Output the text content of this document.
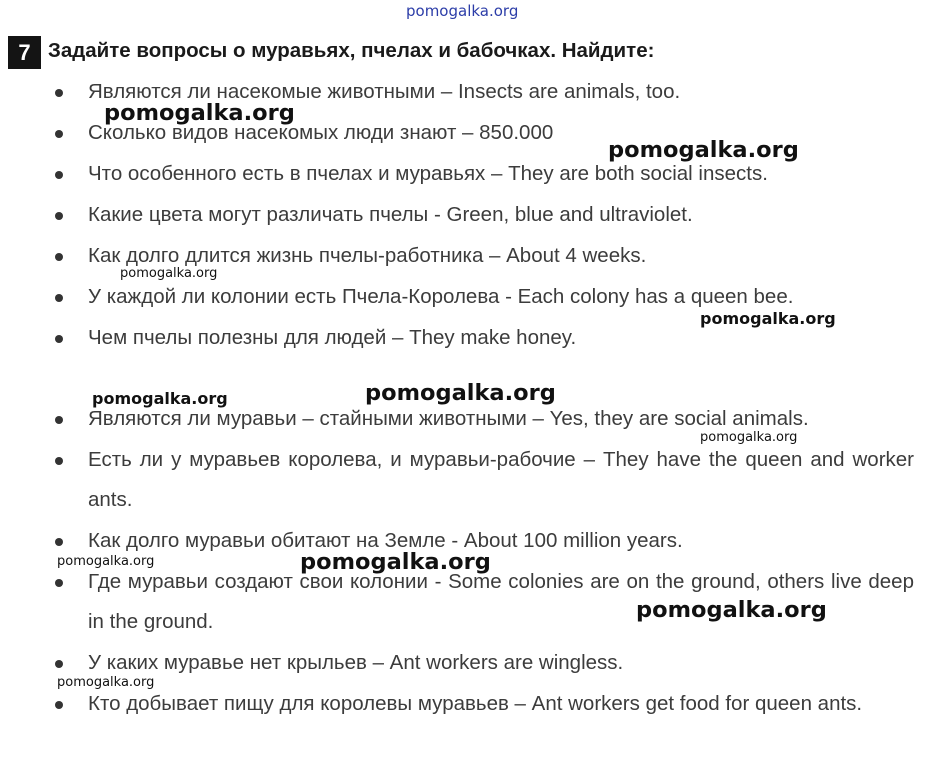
pomogalka.org
7 Задайте вопросы о муравьях, пчелах и бабочках. Найдите:
Являются ли насекомые животными – Insects are animals, too.
Сколько видов насекомых люди знают – 850.000
Что особенного есть в пчелах и муравьях – They are both social insects.
Какие цвета могут различать пчелы - Green, blue and ultraviolet.
Как долго длится жизнь пчелы-работника – About 4 weeks.
У каждой ли колонии есть Пчела-Королева - Each colony has a queen bee.
Чем пчелы полезны для людей – They make honey.
Являются ли муравьи – стайными животными – Yes, they are social animals.
Есть ли у муравьев королева, и муравьи-рабочие – They have the queen and worker ants.
Как долго муравьи обитают на Земле - About 100 million years.
Где муравьи создают свои колонии - Some colonies are on the ground, others live deep in the ground.
У каких муравье нет крыльев – Ant workers are wingless.
Кто добывает пищу для королевы муравьев – Ant workers get food for queen ants.
pomogalka.org
pomogalka.org
pomogalka.org
pomogalka.org
pomogalka.org	pomogalka.org
pomogalka.org
pomogalka.org
pomogalka.org
pomogalka.org
pomogalka.org
